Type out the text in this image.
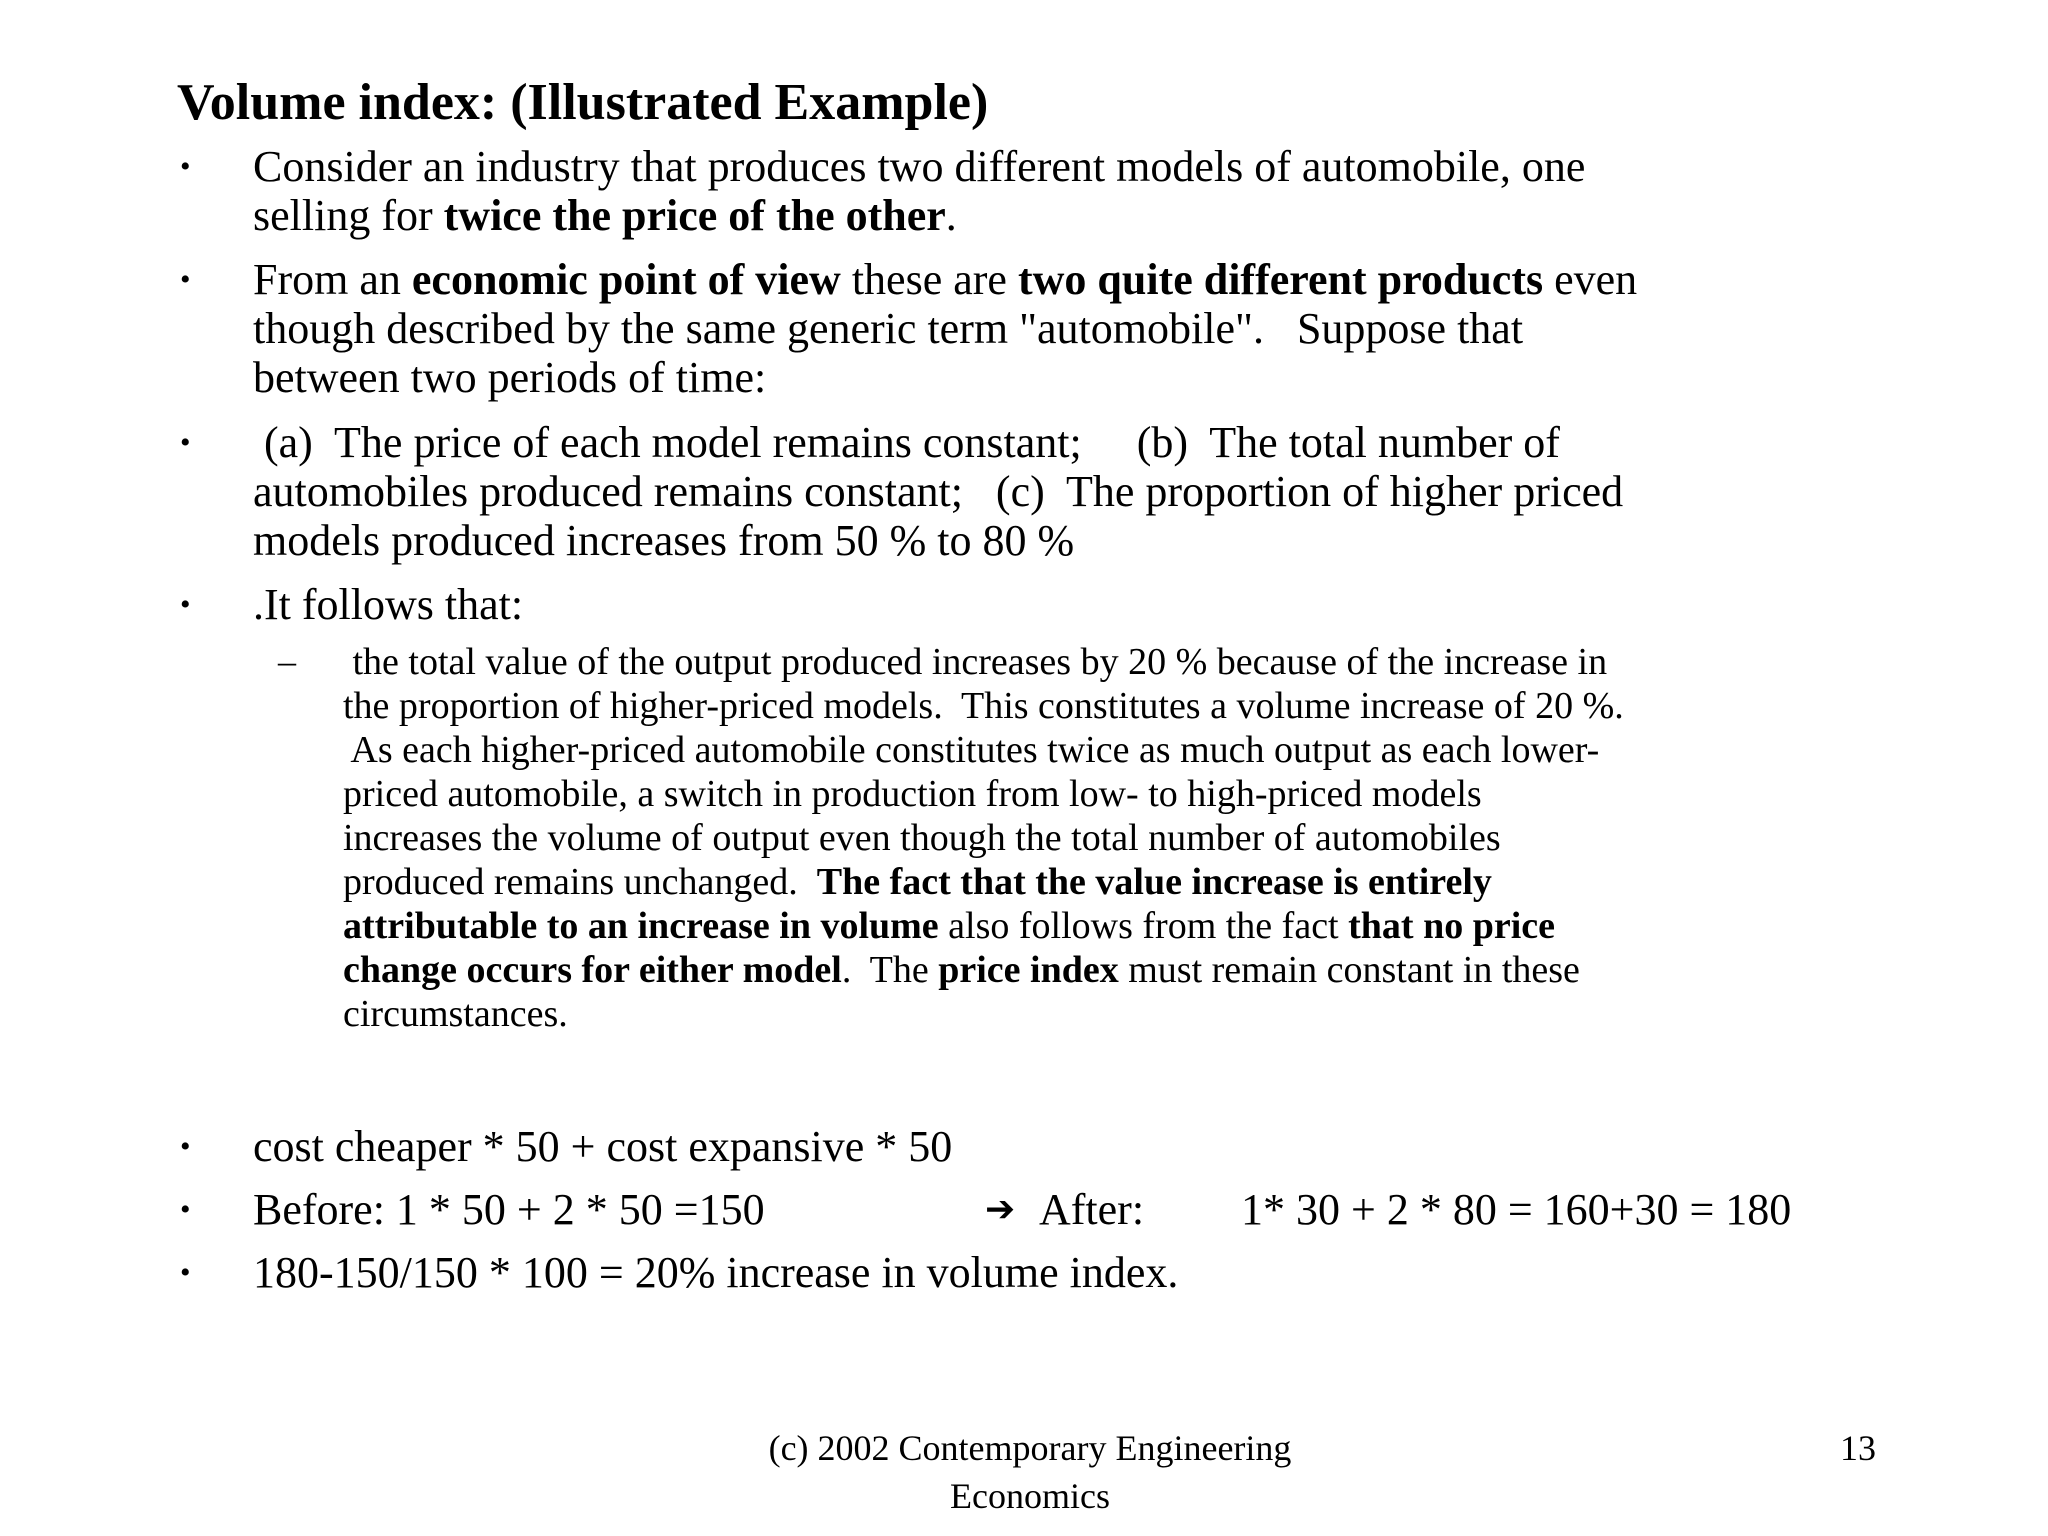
Volume index: (Illustrated Example)
• Consider an industry that produces two different models of automobile, one
selling for twice the price of the other.
• From an economic point of view these are two quite different products even
though described by the same generic term "automobile".   Suppose that
between two periods of time:
• (a)  The price of each model remains constant;     (b)  The total number of
automobiles produced remains constant;   (c)  The proportion of higher priced
models produced increases from 50 % to 80 %
• .It follows that:
– the total value of the output produced increases by 20 % because of the increase in
the proportion of higher-priced models.  This constitutes a volume increase of 20 %.
As each higher-priced automobile constitutes twice as much output as each lower-
priced automobile, a switch in production from low- to high-priced models
increases the volume of output even though the total number of automobiles
produced remains unchanged.  The fact that the value increase is entirely
attributable to an increase in volume also follows from the fact that no price
change occurs for either model.  The price index must remain constant in these
circumstances.
• cost cheaper * 50 + cost expansive * 50
• Before: 1 * 50 + 2 * 50 =150	➔ After: 1* 30 + 2 * 80 = 160+30 = 180
• 180-150/150 * 100 = 20% increase in volume index.
(c) 2002 Contemporary Engineering
Economics
13
